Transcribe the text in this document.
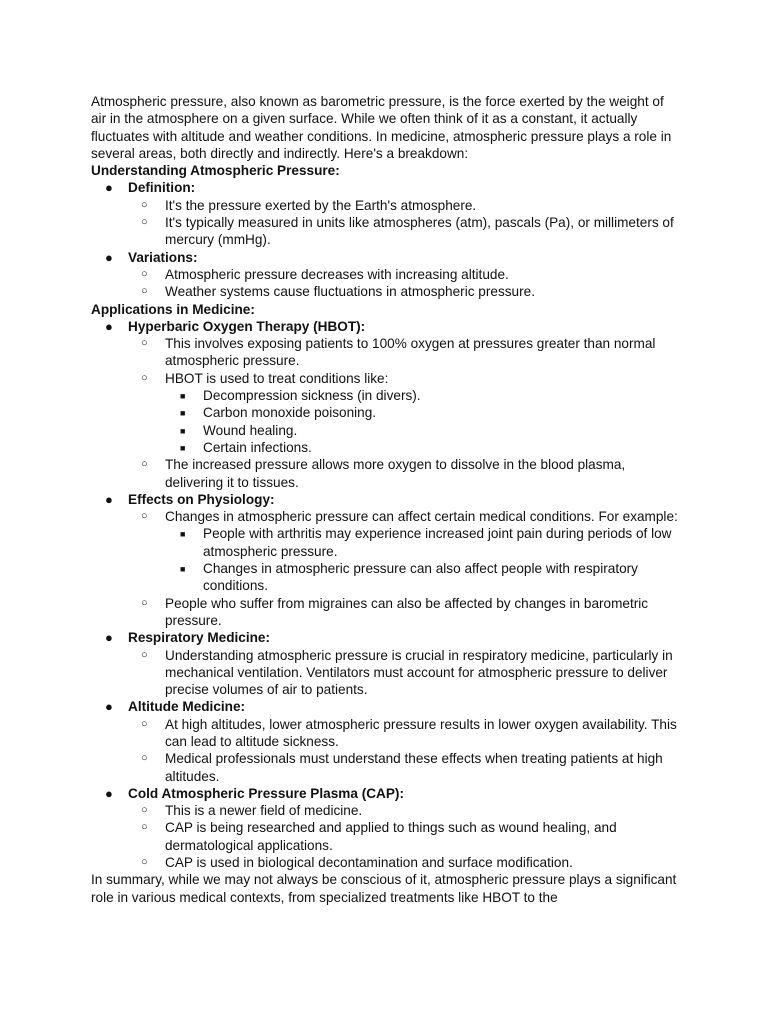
Atmospheric pressure, also known as barometric pressure, is the force exerted by the weight of air in the atmosphere on a given surface. While we often think of it as a constant, it actually fluctuates with altitude and weather conditions. In medicine, atmospheric pressure plays a role in several areas, both directly and indirectly. Here's a breakdown:

Understanding Atmospheric Pressure:

● Definition:
○ It's the pressure exerted by the Earth's atmosphere.
○ It's typically measured in units like atmospheres (atm), pascals (Pa), or millimeters of mercury (mmHg).
● Variations:
○ Atmospheric pressure decreases with increasing altitude.
○ Weather systems cause fluctuations in atmospheric pressure.

Applications in Medicine:

● Hyperbaric Oxygen Therapy (HBOT):
○ This involves exposing patients to 100% oxygen at pressures greater than normal atmospheric pressure.
○ HBOT is used to treat conditions like:
■ Decompression sickness (in divers).
■ Carbon monoxide poisoning.
■ Wound healing.
■ Certain infections.
○ The increased pressure allows more oxygen to dissolve in the blood plasma, delivering it to tissues.
● Effects on Physiology:
○ Changes in atmospheric pressure can affect certain medical conditions. For example:
■ People with arthritis may experience increased joint pain during periods of low atmospheric pressure.
■ Changes in atmospheric pressure can also affect people with respiratory conditions.
○ People who suffer from migraines can also be affected by changes in barometric pressure.
● Respiratory Medicine:
○ Understanding atmospheric pressure is crucial in respiratory medicine, particularly in mechanical ventilation. Ventilators must account for atmospheric pressure to deliver precise volumes of air to patients.
● Altitude Medicine:
○ At high altitudes, lower atmospheric pressure results in lower oxygen availability. This can lead to altitude sickness.
○ Medical professionals must understand these effects when treating patients at high altitudes.
● Cold Atmospheric Pressure Plasma (CAP):
○ This is a newer field of medicine.
○ CAP is being researched and applied to things such as wound healing, and dermatological applications.
○ CAP is used in biological decontamination and surface modification.

In summary, while we may not always be conscious of it, atmospheric pressure plays a significant role in various medical contexts, from specialized treatments like HBOT to the
